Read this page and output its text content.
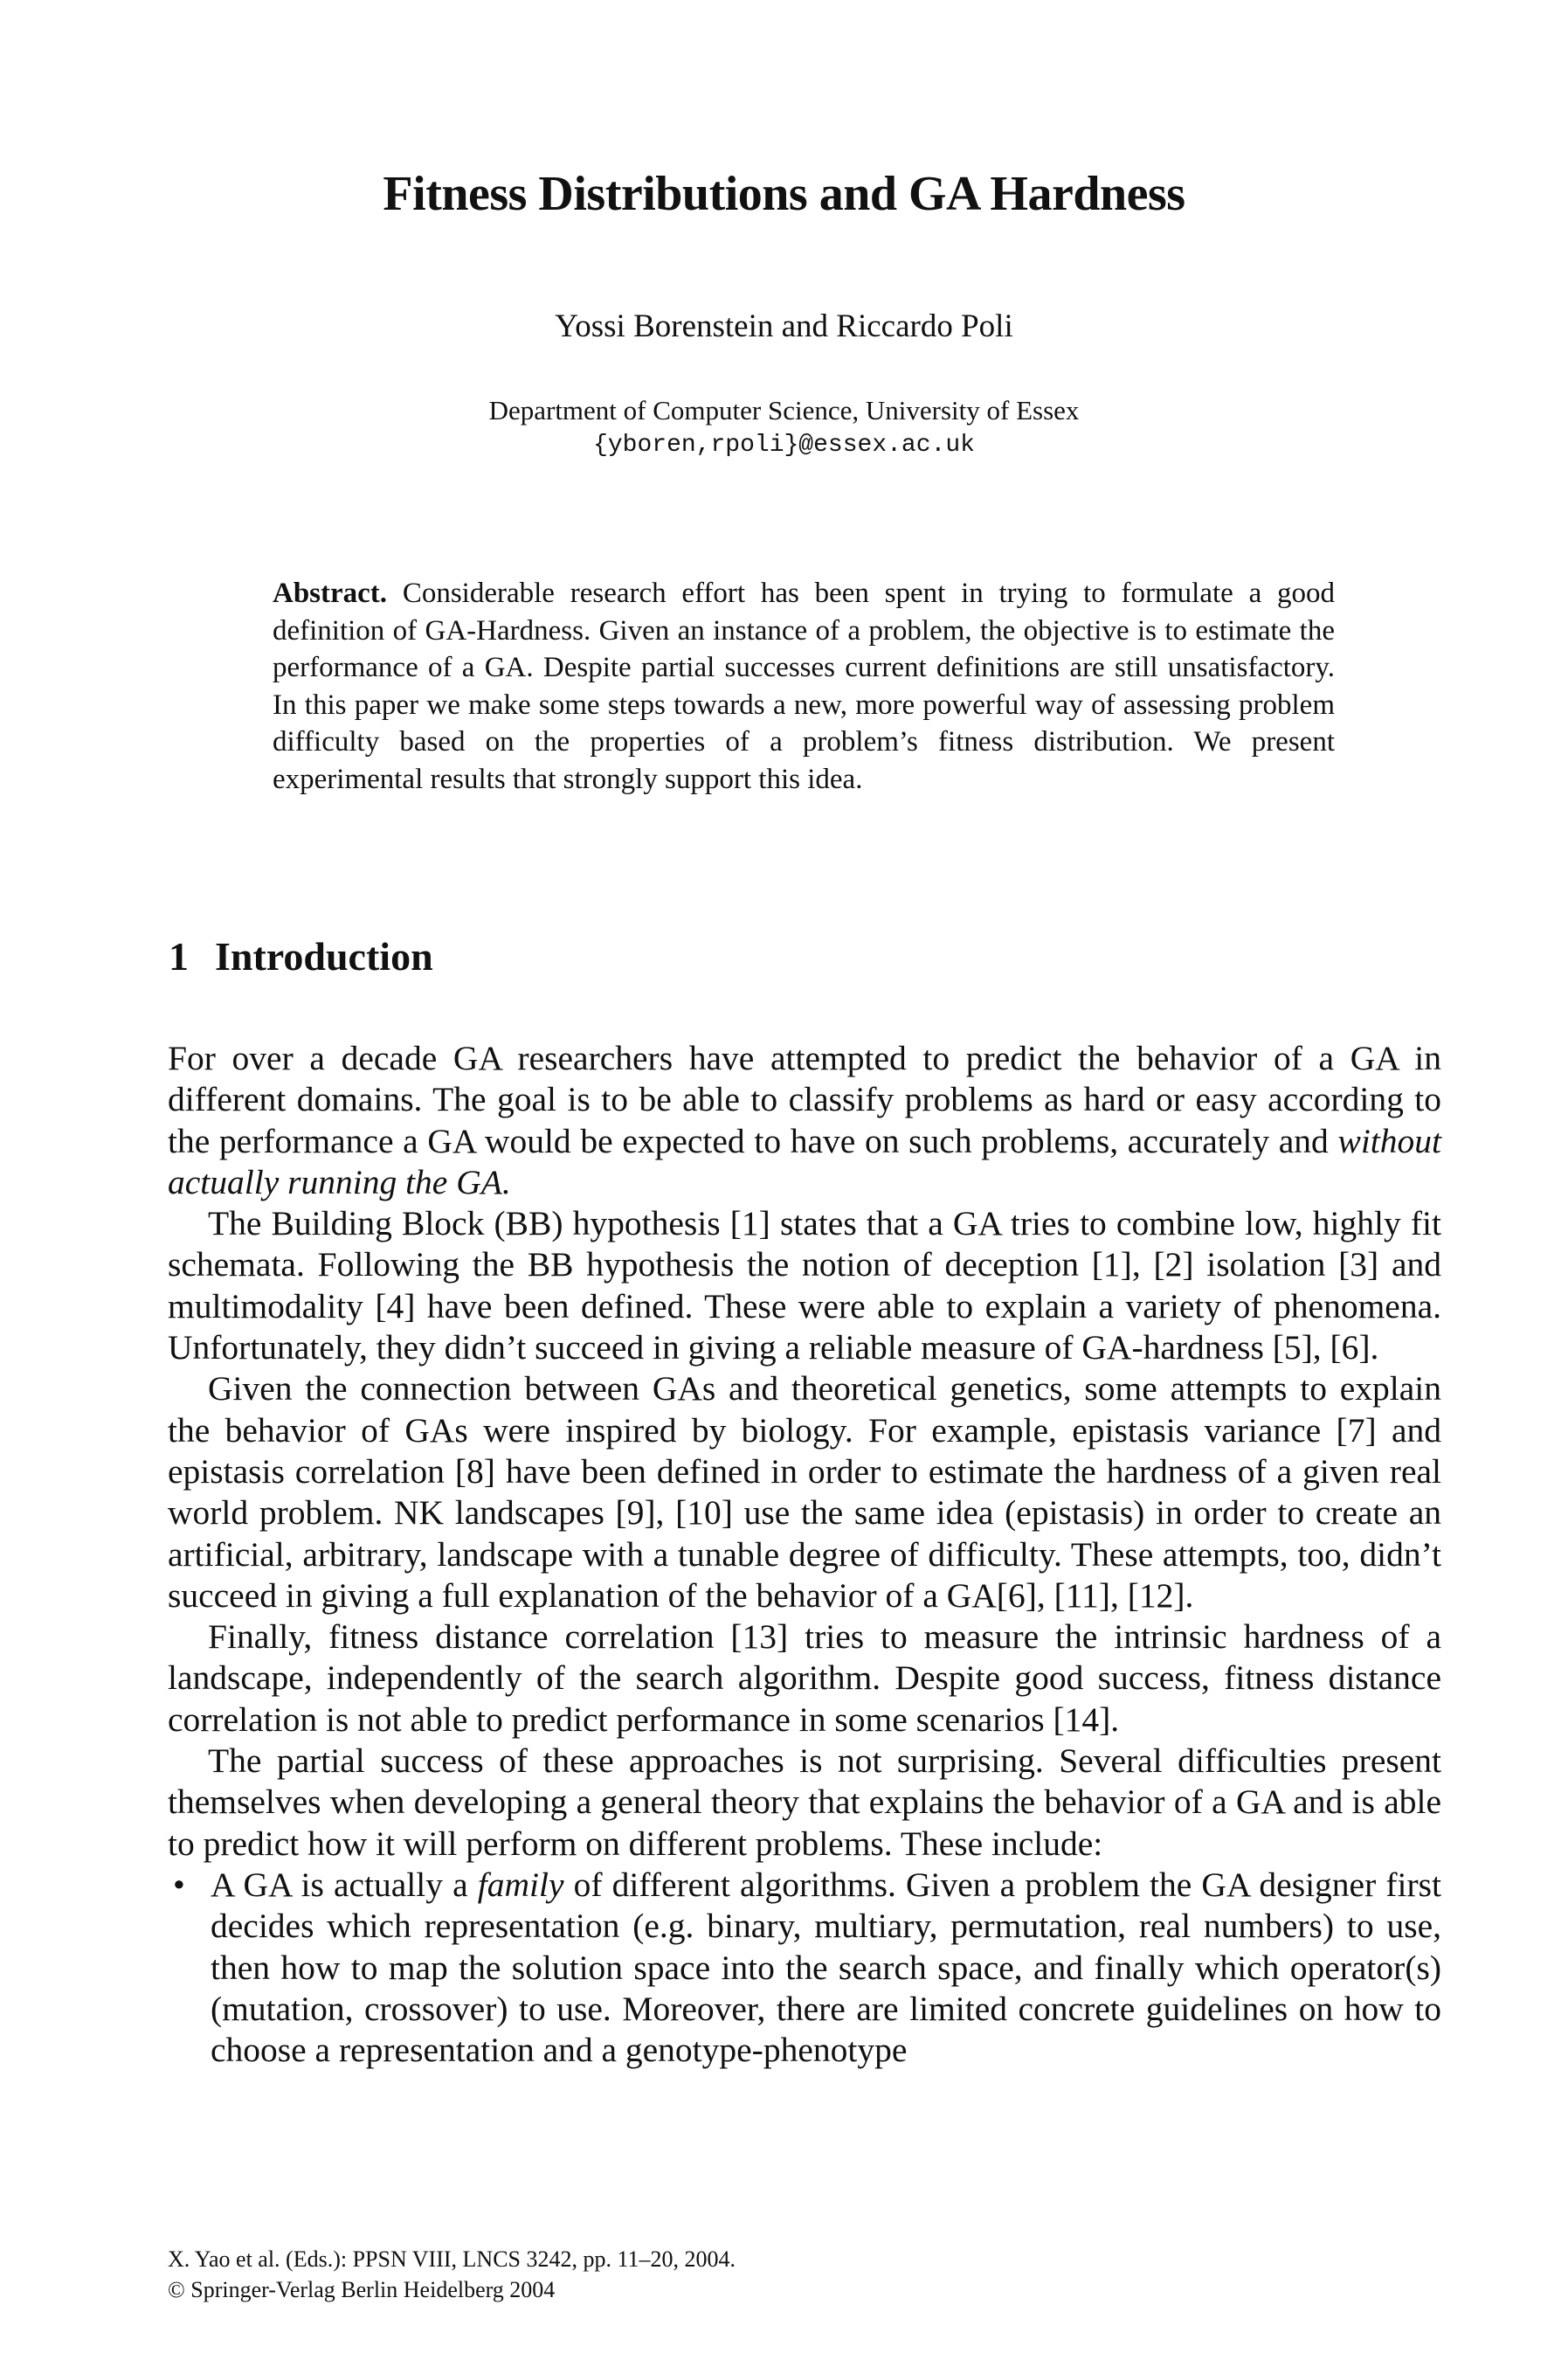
Fitness Distributions and GA Hardness
Yossi Borenstein and Riccardo Poli
Department of Computer Science, University of Essex
{yboren,rpoli}@essex.ac.uk

Abstract. Considerable research effort has been spent in trying to formulate a good definition of GA-Hardness. Given an instance of a problem, the objective is to estimate the performance of a GA. Despite partial successes current definitions are still unsatisfactory. In this paper we make some steps towards a new, more powerful way of assessing problem difficulty based on the properties of a problem’s fitness distribution. We present experimental results that strongly support this idea.

1 Introduction

For over a decade GA researchers have attempted to predict the behavior of a GA in different domains. The goal is to be able to classify problems as hard or easy according to the performance a GA would be expected to have on such problems, accurately and without actually running the GA.

The Building Block (BB) hypothesis [1] states that a GA tries to combine low, highly fit schemata. Following the BB hypothesis the notion of deception [1], [2] isolation [3] and multimodality [4] have been defined. These were able to explain a variety of phenomena. Unfortunately, they didn’t succeed in giving a reliable measure of GA-hardness [5], [6].

Given the connection between GAs and theoretical genetics, some attempts to explain the behavior of GAs were inspired by biology. For example, epistasis variance [7] and epistasis correlation [8] have been defined in order to estimate the hardness of a given real world problem. NK landscapes [9], [10] use the same idea (epistasis) in order to create an artificial, arbitrary, landscape with a tunable degree of difficulty. These attempts, too, didn’t succeed in giving a full explanation of the behavior of a GA[6], [11], [12].

Finally, fitness distance correlation [13] tries to measure the intrinsic hardness of a landscape, independently of the search algorithm. Despite good success, fitness distance correlation is not able to predict performance in some scenarios [14].

The partial success of these approaches is not surprising. Several difficulties present themselves when developing a general theory that explains the behavior of a GA and is able to predict how it will perform on different problems. These include:

• A GA is actually a family of different algorithms. Given a problem the GA designer first decides which representation (e.g. binary, multiary, permutation, real numbers) to use, then how to map the solution space into the search space, and finally which operator(s) (mutation, crossover) to use. Moreover, there are limited concrete guidelines on how to choose a representation and a genotype-phenotype
X. Yao et al. (Eds.): PPSN VIII, LNCS 3242, pp. 11–20, 2004.
© Springer-Verlag Berlin Heidelberg 2004
